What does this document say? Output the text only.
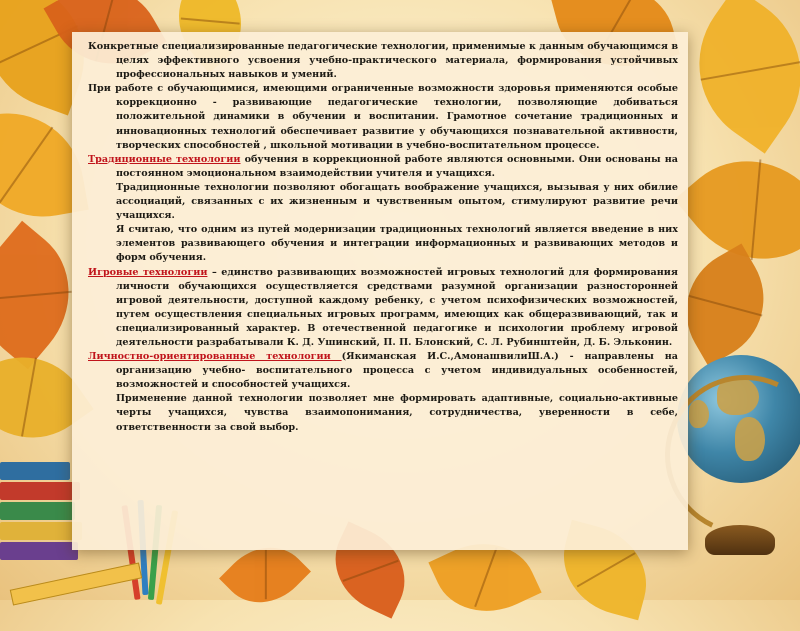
Конкретные специализированные педагогические технологии, применимые к данным обучающимся в целях эффективного усвоения учебно-практического материала, формирования устойчивых профессиональных навыков и умений.

При работе с обучающимися, имеющими ограниченные возможности здоровья применяются особые коррекционно - развивающие педагогические технологии, позволяющие добиваться положительной динамики в обучении и воспитании. Грамотное сочетание традиционных и инновационных технологий обеспечивает развитие у обучающихся познавательной активности, творческих способностей , школьной мотивации в учебно-воспитательном процессе.

Традиционные технологии обучения в коррекционной работе являются основными. Они основаны на постоянном эмоциональном взаимодействии учителя и учащихся.

Традиционные технологии позволяют обогащать воображение учащихся, вызывая у них обилие ассоциаций, связанных с их жизненным и чувственным опытом, стимулируют развитие речи учащихся.

Я считаю, что одним из путей модернизации традиционных технологий является введение в них элементов развивающего обучения и интеграции информационных и развивающих методов и форм обучения.

Игровые технологии – единство развивающих возможностей игровых технологий для формирования личности обучающихся осуществляется средствами разумной организации разносторонней игровой деятельности, доступной каждому ребенку, с учетом психофизических возможностей, путем осуществления специальных игровых программ, имеющих как общеразвивающий, так и специализированный характер. В отечественной педагогике и психологии проблему игровой деятельности разрабатывали К. Д. Ушинский, П. П. Блонский, С. Л. Рубинштейн, Д. Б. Эльконин.

Личностно-ориентированные технологии (Якиманская И.С.,АмонашвилиШ.А.) - направлены на организацию учебно- воспитательного процесса с учетом индивидуальных особенностей, возможностей и способностей учащихся.

Применение данной технологии позволяет мне формировать адаптивные, социально-активные черты учащихся, чувства взаимопонимания, сотрудничества, уверенности в себе, ответственности за свой выбор.
